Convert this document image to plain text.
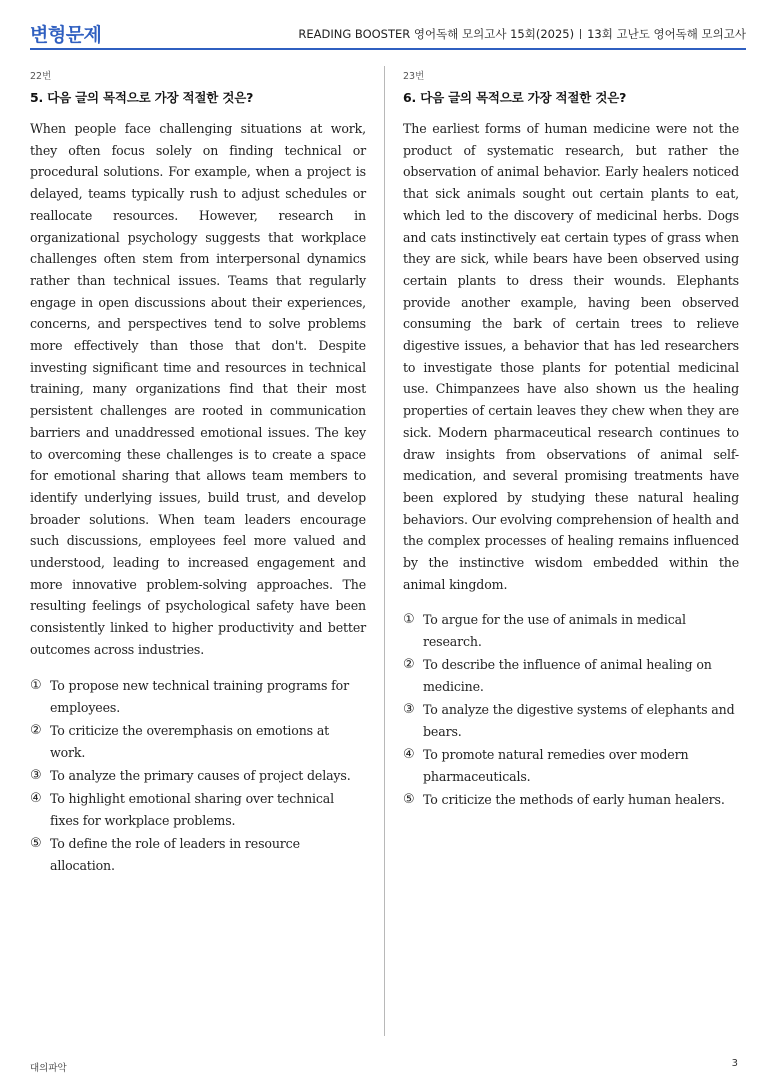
변형문제	READING BOOSTER 영어독해 모의고사 15회(2025) 13회 고난도 영어독해 모의고사
22번
5. 다음 글의 목적으로 가장 적절한 것은?
When people face challenging situations at work, they often focus solely on finding technical or procedural solutions. For example, when a project is delayed, teams typically rush to adjust schedules or reallocate resources. However, research in organizational psychology suggests that workplace challenges often stem from interpersonal dynamics rather than technical issues. Teams that regularly engage in open discussions about their experiences, concerns, and perspectives tend to solve problems more effectively than those that don't. Despite investing significant time and resources in technical training, many organizations find that their most persistent challenges are rooted in communication barriers and unaddressed emotional issues. The key to overcoming these challenges is to create a space for emotional sharing that allows team members to identify underlying issues, build trust, and develop broader solutions. When team leaders encourage such discussions, employees feel more valued and understood, leading to increased engagement and more innovative problem-solving approaches. The resulting feelings of psychological safety have been consistently linked to higher productivity and better outcomes across industries.
① To propose new technical training programs for employees.
② To criticize the overemphasis on emotions at work.
③ To analyze the primary causes of project delays.
④ To highlight emotional sharing over technical fixes for workplace problems.
⑤ To define the role of leaders in resource allocation.
23번
6. 다음 글의 목적으로 가장 적절한 것은?
The earliest forms of human medicine were not the product of systematic research, but rather the observation of animal behavior. Early healers noticed that sick animals sought out certain plants to eat, which led to the discovery of medicinal herbs. Dogs and cats instinctively eat certain types of grass when they are sick, while bears have been observed using certain plants to dress their wounds. Elephants provide another example, having been observed consuming the bark of certain trees to relieve digestive issues, a behavior that has led researchers to investigate those plants for potential medicinal use. Chimpanzees have also shown us the healing properties of certain leaves they chew when they are sick. Modern pharmaceutical research continues to draw insights from observations of animal self-medication, and several promising treatments have been explored by studying these natural healing behaviors. Our evolving comprehension of health and the complex processes of healing remains influenced by the instinctive wisdom embedded within the animal kingdom.
① To argue for the use of animals in medical research.
② To describe the influence of animal healing on medicine.
③ To analyze the digestive systems of elephants and bears.
④ To promote natural remedies over modern pharmaceuticals.
⑤ To criticize the methods of early human healers.
대의파악	3
